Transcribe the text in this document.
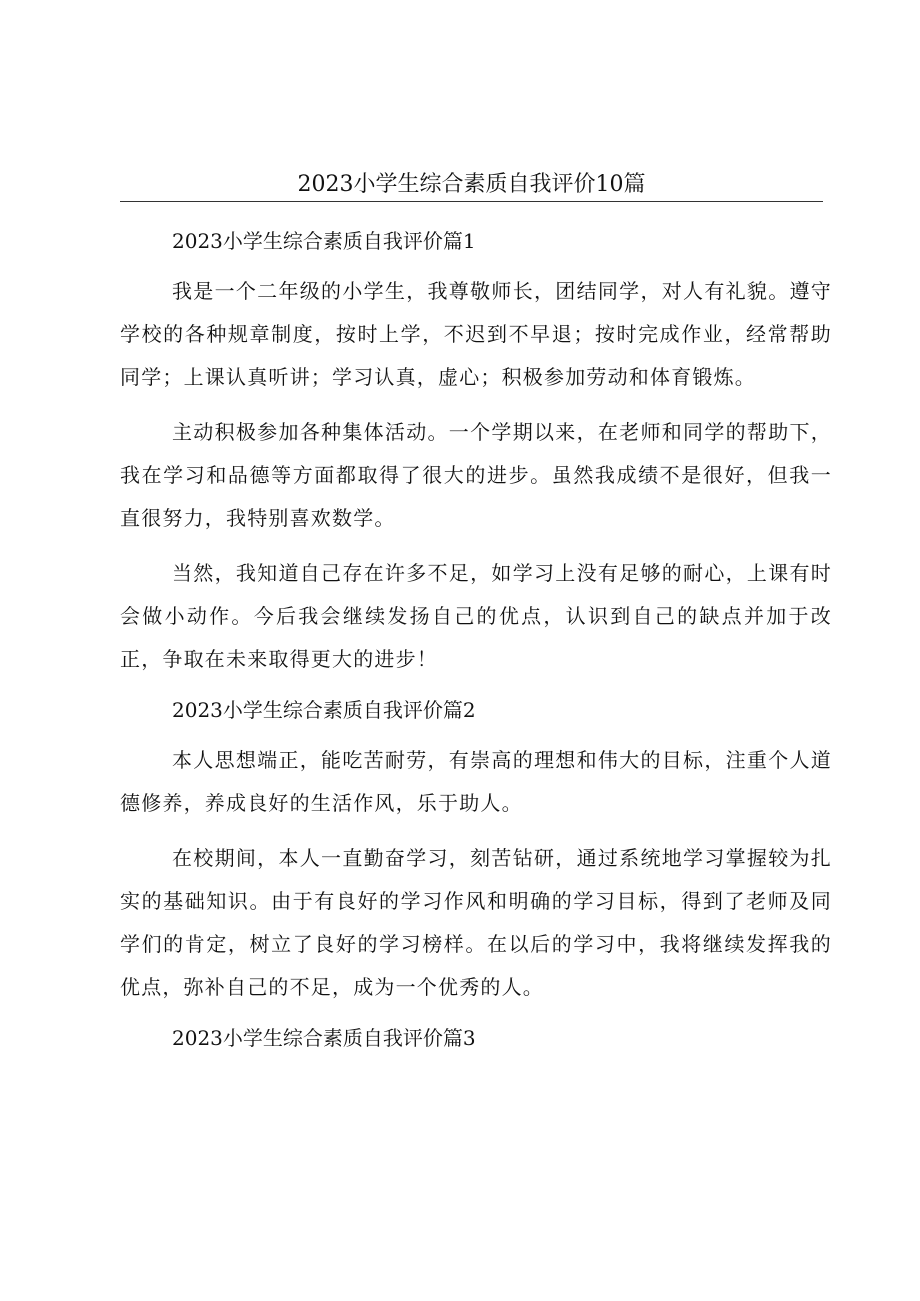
2023小学生综合素质自我评价10篇
2023小学生综合素质自我评价篇1

我是一个二年级的小学生，我尊敬师长，团结同学，对人有礼貌。遵守学校的各种规章制度，按时上学，不迟到不早退；按时完成作业，经常帮助同学；上课认真听讲；学习认真，虚心；积极参加劳动和体育锻炼。

主动积极参加各种集体活动。一个学期以来，在老师和同学的帮助下，我在学习和品德等方面都取得了很大的进步。虽然我成绩不是很好，但我一直很努力，我特别喜欢数学。

当然，我知道自己存在许多不足，如学习上没有足够的耐心，上课有时会做小动作。今后我会继续发扬自己的优点，认识到自己的缺点并加于改正，争取在未来取得更大的进步！

2023小学生综合素质自我评价篇2

本人思想端正，能吃苦耐劳，有崇高的理想和伟大的目标，注重个人道德修养，养成良好的生活作风，乐于助人。

在校期间，本人一直勤奋学习，刻苦钻研，通过系统地学习掌握较为扎实的基础知识。由于有良好的学习作风和明确的学习目标，得到了老师及同学们的肯定，树立了良好的学习榜样。在以后的学习中，我将继续发挥我的优点，弥补自己的不足，成为一个优秀的人。

2023小学生综合素质自我评价篇3
